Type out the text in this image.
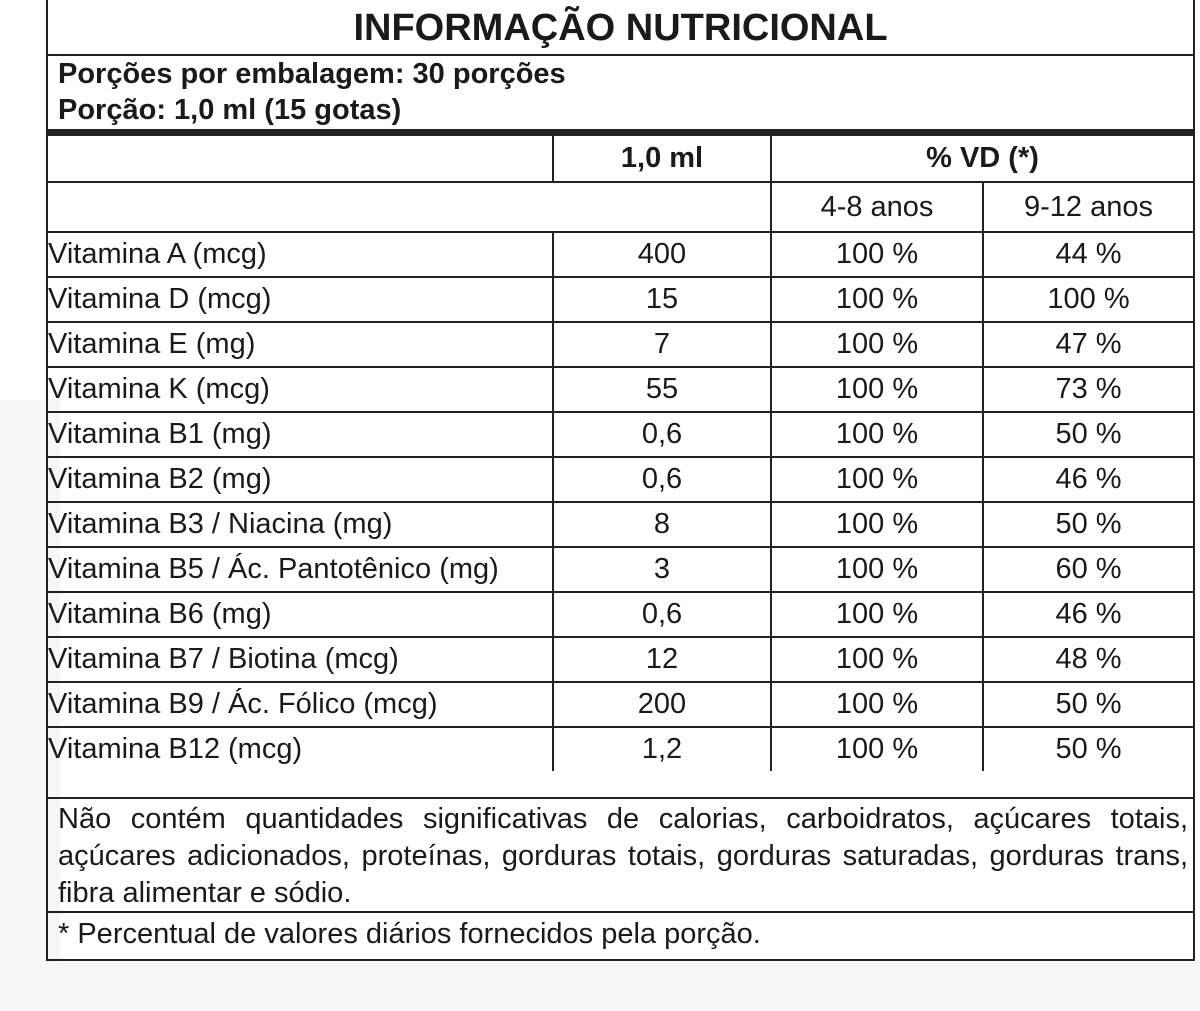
INFORMAÇÃO NUTRICIONAL
Porções por embalagem: 30 porções
Porção: 1,0 ml (15 gotas)
	1,0 ml	% VD (*)	
		4-8 anos	9-12 anos
Vitamina A (mcg)	400	100 %	44 %
Vitamina D (mcg)	15	100 %	100 %
Vitamina E (mg)	7	100 %	47 %
Vitamina K (mcg)	55	100 %	73 %
Vitamina B1 (mg)	0,6	100 %	50 %
Vitamina B2 (mg)	0,6	100 %	46 %
Vitamina B3 / Niacina (mg)	8	100 %	50 %
Vitamina B5 / Ác. Pantotênico (mg)	3	100 %	60 %
Vitamina B6 (mg)	0,6	100 %	46 %
Vitamina B7 / Biotina (mcg)	12	100 %	48 %
Vitamina B9 / Ác. Fólico (mcg)	200	100 %	50 %
Vitamina B12 (mcg)	1,2	100 %	50 %
Não contém quantidades significativas de calorias, carboidratos, açúcares totais, açúcares adicionados, proteínas, gorduras totais, gorduras saturadas, gorduras trans, fibra alimentar e sódio.
* Percentual de valores diários fornecidos pela porção.
